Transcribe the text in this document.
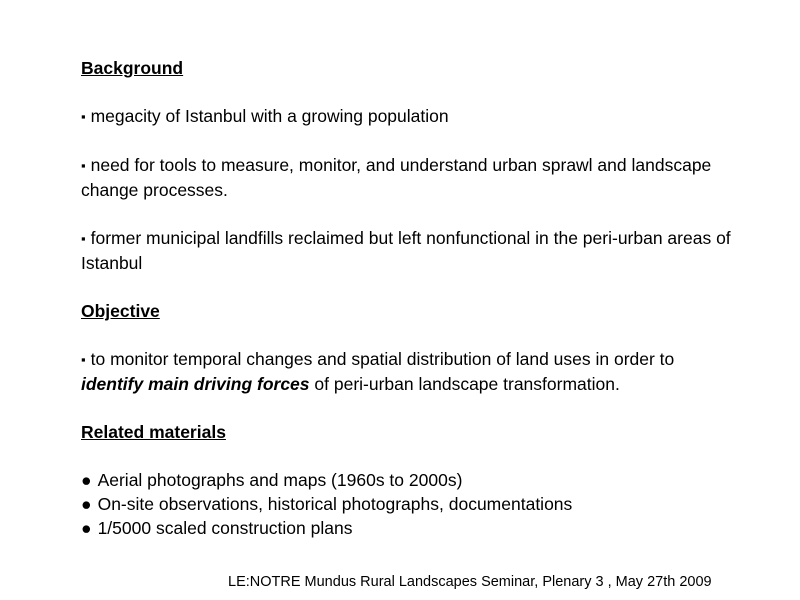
Background

▪ megacity of Istanbul with a growing population

▪ need for tools to measure, monitor, and understand urban sprawl and landscape change processes.

▪ former municipal landfills reclaimed but left nonfunctional in the peri-urban areas of Istanbul

Objective

▪ to monitor temporal changes and spatial distribution of land uses in order to identify main driving forces of peri-urban landscape transformation.

Related materials

● Aerial photographs and maps (1960s to 2000s)

● On-site observations, historical photographs, documentations

● 1/5000 scaled construction plans

LE:NOTRE Mundus Rural Landscapes Seminar, Plenary 3 , May 27th 2009
